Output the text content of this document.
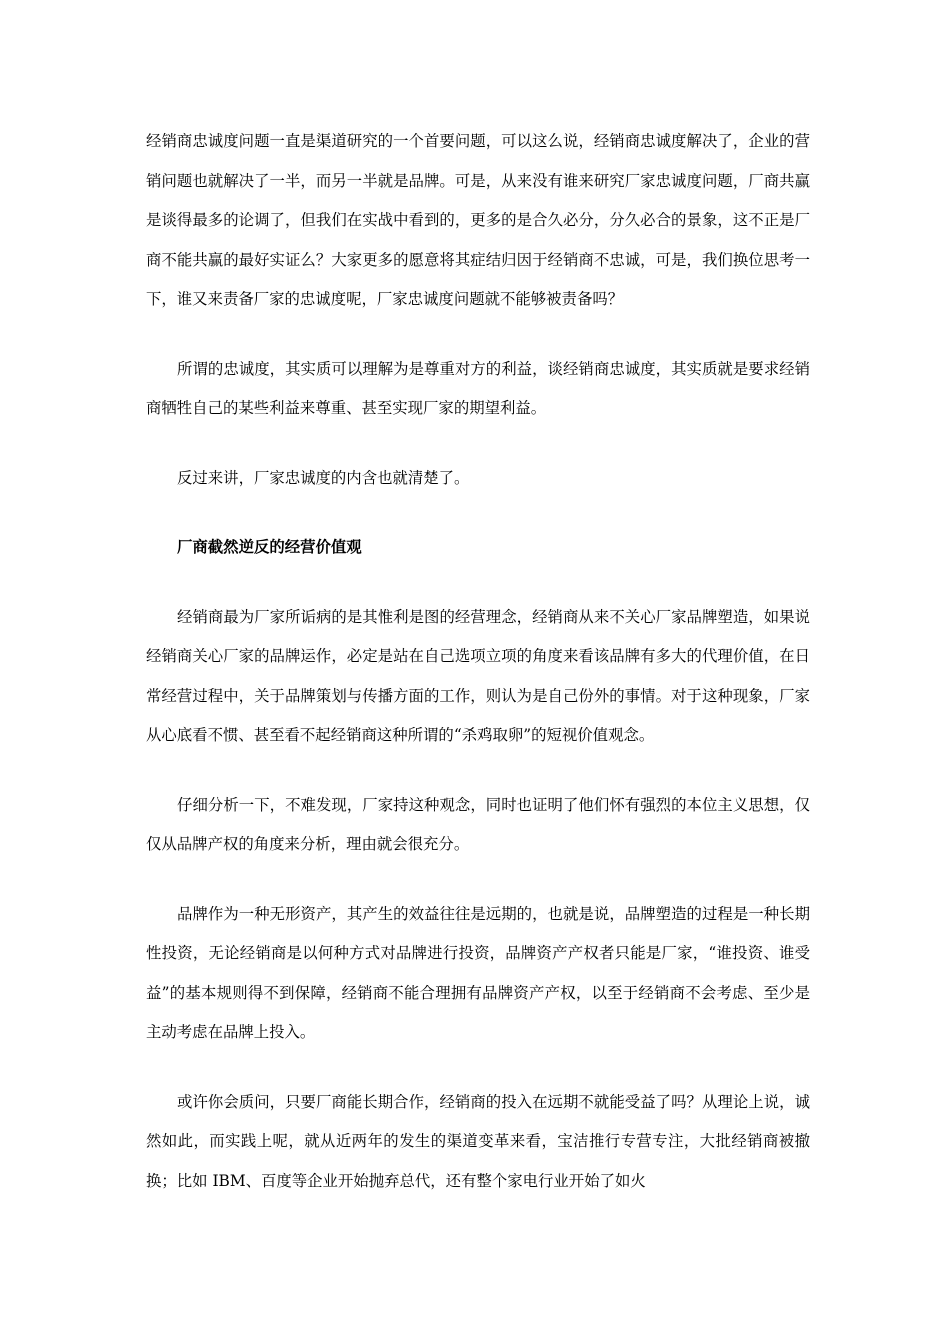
经销商忠诚度问题一直是渠道研究的一个首要问题，可以这么说，经销商忠诚度解决了，企业的营销问题也就解决了一半，而另一半就是品牌。可是，从来没有谁来研究厂家忠诚度问题，厂商共赢是谈得最多的论调了，但我们在实战中看到的，更多的是合久必分，分久必合的景象，这不正是厂商不能共赢的最好实证么？大家更多的愿意将其症结归因于经销商不忠诚，可是，我们换位思考一下，谁又来责备厂家的忠诚度呢，厂家忠诚度问题就不能够被责备吗？

所谓的忠诚度，其实质可以理解为是尊重对方的利益，谈经销商忠诚度，其实质就是要求经销商牺牲自己的某些利益来尊重、甚至实现厂家的期望利益。

反过来讲，厂家忠诚度的内含也就清楚了。

厂商截然逆反的经营价值观

经销商最为厂家所诟病的是其惟利是图的经营理念，经销商从来不关心厂家品牌塑造，如果说经销商关心厂家的品牌运作，必定是站在自己选项立项的角度来看该品牌有多大的代理价值，在日常经营过程中，关于品牌策划与传播方面的工作，则认为是自己份外的事情。对于这种现象，厂家从心底看不惯、甚至看不起经销商这种所谓的“杀鸡取卵”的短视价值观念。

仔细分析一下，不难发现，厂家持这种观念，同时也证明了他们怀有强烈的本位主义思想，仅仅从品牌产权的角度来分析，理由就会很充分。

品牌作为一种无形资产，其产生的效益往往是远期的，也就是说，品牌塑造的过程是一种长期性投资，无论经销商是以何种方式对品牌进行投资，品牌资产产权者只能是厂家，“谁投资、谁受益”的基本规则得不到保障，经销商不能合理拥有品牌资产产权，以至于经销商不会考虑、至少是主动考虑在品牌上投入。

或许你会质问，只要厂商能长期合作，经销商的投入在远期不就能受益了吗？从理论上说，诚然如此，而实践上呢，就从近两年的发生的渠道变革来看，宝洁推行专营专注，大批经销商被撤换；比如 IBM、百度等企业开始抛弃总代，还有整个家电行业开始了如火
